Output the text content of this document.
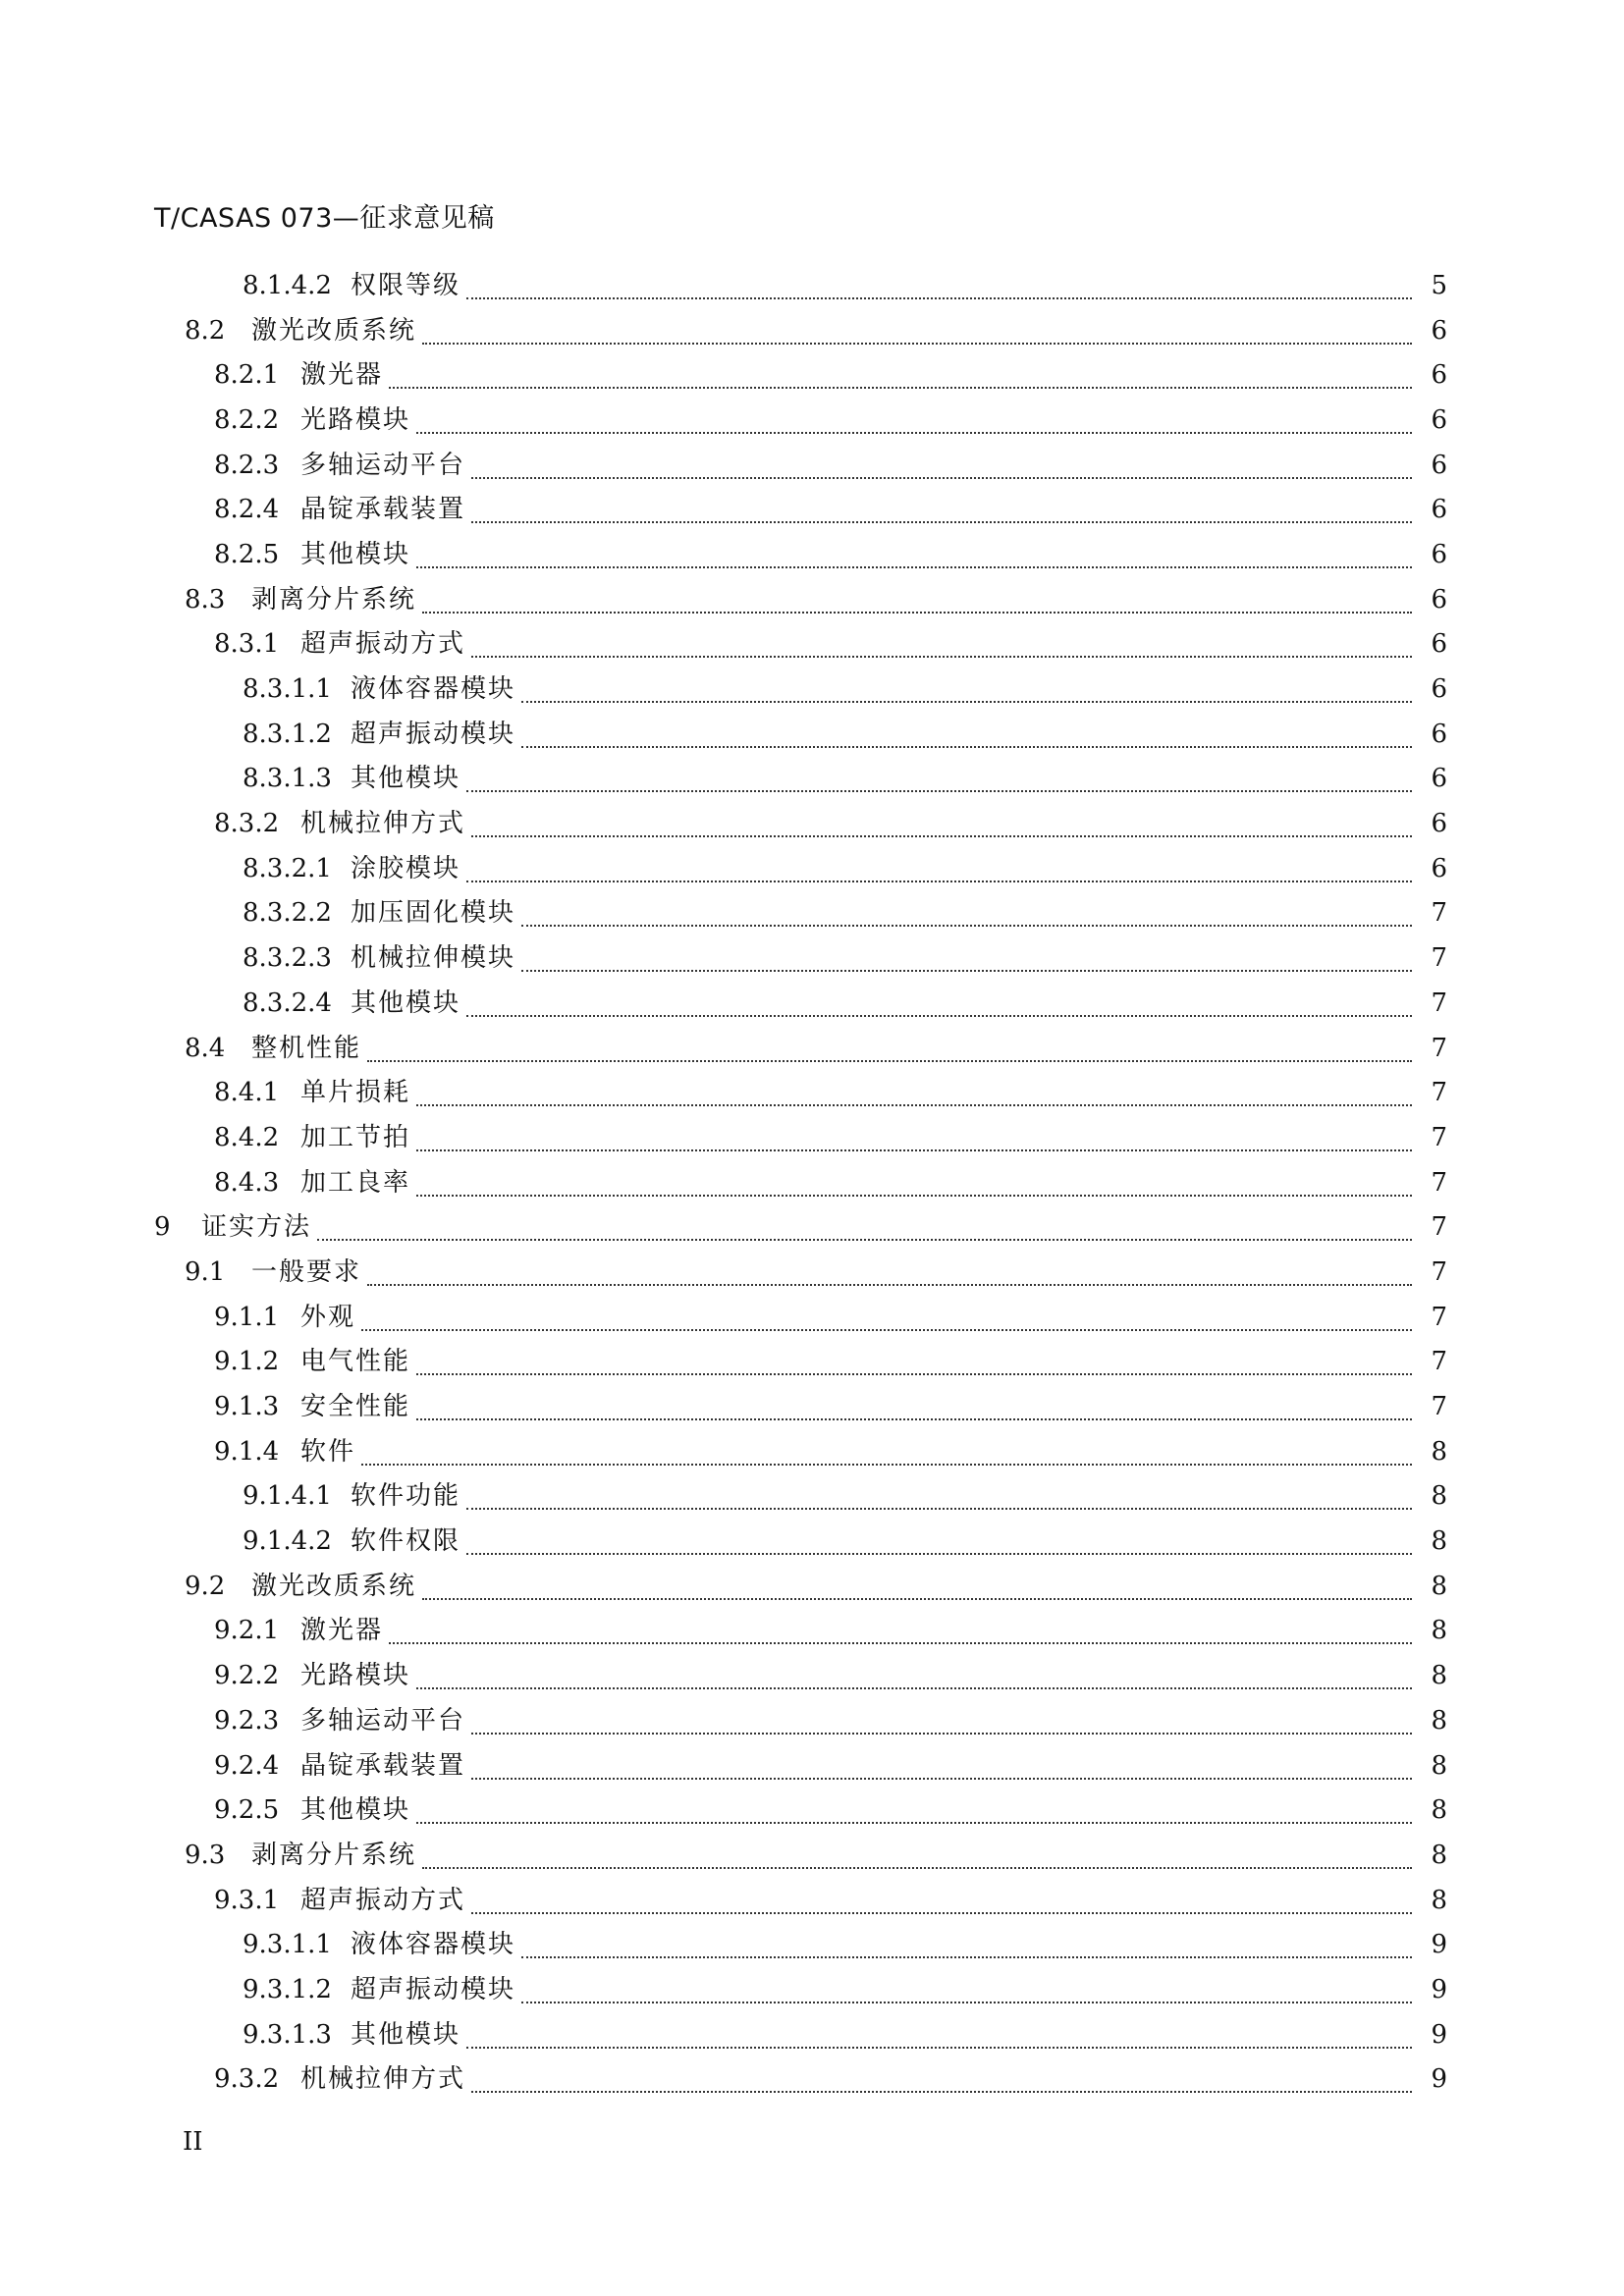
T/CASAS 073—征求意见稿
8.1.4.2 权限等级	5
8.2	激光改质系统	6
8.2.1 激光器	6
8.2.2 光路模块	6
8.2.3 多轴运动平台	6
8.2.4 晶锭承载装置	6
8.2.5 其他模块	6
8.3	剥离分片系统	6
8.3.1 超声振动方式	6
8.3.1.1 液体容器模块	6
8.3.1.2 超声振动模块	6
8.3.1.3 其他模块	6
8.3.2 机械拉伸方式	6
8.3.2.1 涂胶模块	6
8.3.2.2 加压固化模块	7
8.3.2.3 机械拉伸模块	7
8.3.2.4 其他模块	7
8.4	整机性能	7
8.4.1 单片损耗	7
8.4.2 加工节拍	7
8.4.3 加工良率	7
9	证实方法	7
9.1	一般要求	7
9.1.1 外观	7
9.1.2 电气性能	7
9.1.3 安全性能	7
9.1.4 软件	8
9.1.4.1 软件功能	8
9.1.4.2 软件权限	8
9.2	激光改质系统	8
9.2.1 激光器	8
9.2.2 光路模块	8
9.2.3 多轴运动平台	8
9.2.4 晶锭承载装置	8
9.2.5 其他模块	8
9.3	剥离分片系统	8
9.3.1 超声振动方式	8
9.3.1.1 液体容器模块	9
9.3.1.2 超声振动模块	9
9.3.1.3 其他模块	9
9.3.2 机械拉伸方式	9
II
